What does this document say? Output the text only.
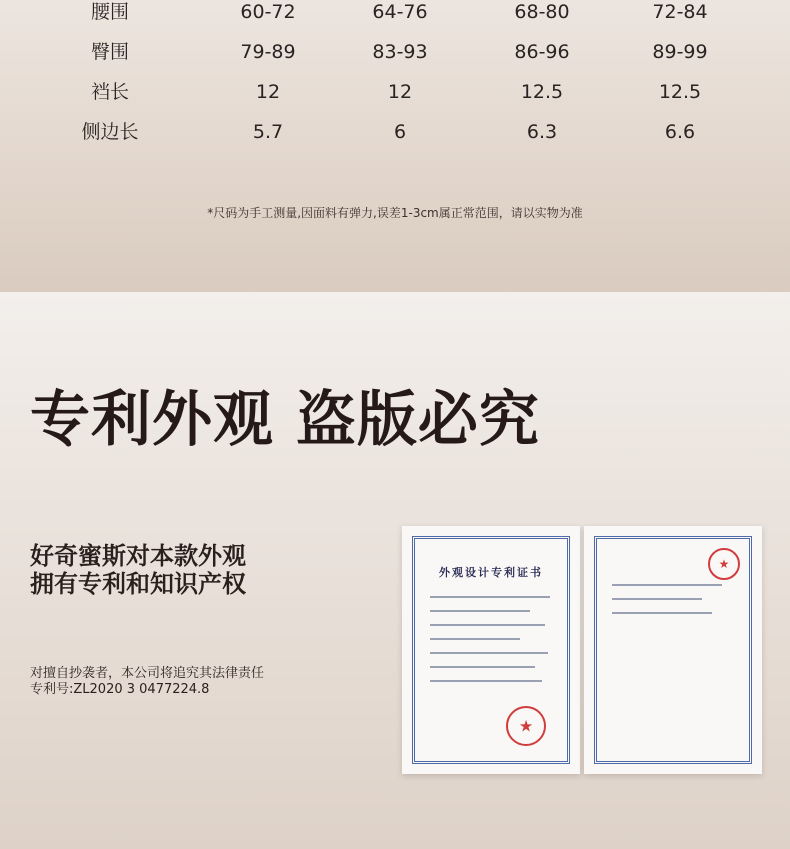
腰围	60-72	64-76	68-80	72-84
臀围	79-89	83-93	86-96	89-99
裆长	12	12	12.5	12.5
侧边长	5.7	6	6.3	6.6
*尺码为手工测量,因面料有弹力,误差1-3cm属正常范围，请以实物为准
专利外观 盗版必究
好奇蜜斯对本款外观
拥有专利和知识产权
对擅自抄袭者，本公司将追究其法律责任
专利号:ZL2020 3 0477224.8
外观设计专利证书
★
★
